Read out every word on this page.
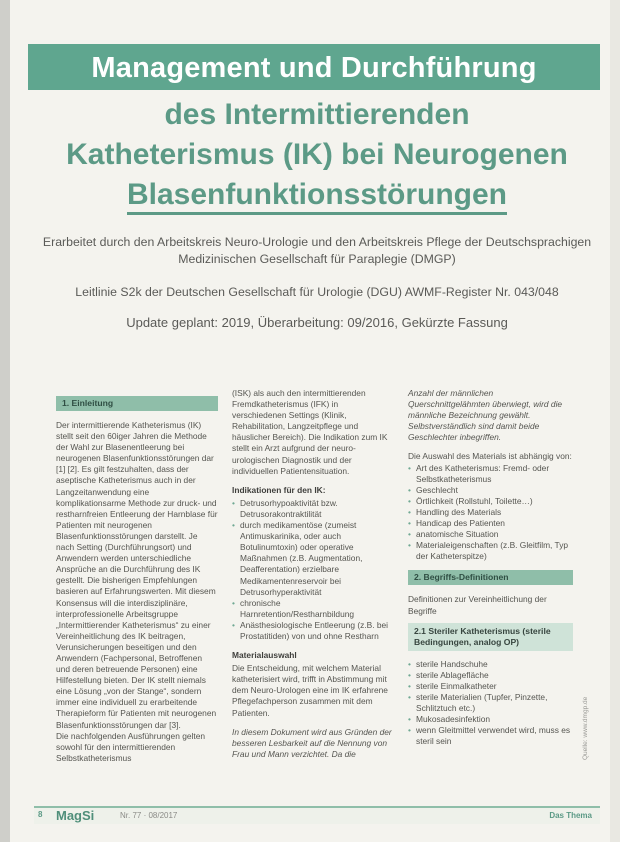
Management und Durchführung
des Intermittierenden
Katheterismus (IK) bei Neurogenen
Blasenfunktionsstörungen
Erarbeitet durch den Arbeitskreis Neuro-Urologie und den Arbeitskreis Pflege der Deutschsprachigen Medizinischen Gesellschaft für Paraplegie (DMGP)
Leitlinie S2k der Deutschen Gesellschaft für Urologie (DGU) AWMF-Register Nr. 043/048
Update geplant: 2019, Überarbeitung: 09/2016, Gekürzte Fassung
1. Einleitung

Der intermittierende Katheterismus (IK) stellt seit den 60iger Jahren die Methode der Wahl zur Blasenentleerung bei neurogenen Blasenfunktionsstörungen dar [1] [2]. Es gilt festzuhalten, dass der aseptische Katheterismus auch in der Langzeitanwendung eine komplikationsarme Methode zur druck- und restharnfreien Entleerung der Harnblase für Patienten mit neurogenen Blasenfunktionsstörungen darstellt. Je nach Setting (Durchführungsort) und Anwendern werden unterschiedliche Ansprüche an die Durchführung des IK gestellt. Die bisherigen Empfehlungen basieren auf Erfahrungswerten. Mit diesem Konsensus will die interdisziplinäre, interprofessionelle Arbeitsgruppe „Intermittierender Katheterismus“ zu einer Vereinheitlichung des IK beitragen, Verunsicherungen beseitigen und den Anwendern (Fachpersonal, Betroffenen und deren betreuende Personen) eine Hilfestellung bieten. Der IK stellt niemals eine Lösung „von der Stange“, sondern immer eine individuell zu erarbeitende Therapieform für Patienten mit neurogenen Blasenfunktionsstörungen dar [3].

Die nachfolgenden Ausführungen gelten sowohl für den intermittierenden Selbstkatheterismus

(ISK) als auch den intermittierenden Fremdkatheterismus (IFK) in verschiedenen Settings (Klinik, Rehabilitation, Langzeitpflege und häuslicher Bereich). Die Indikation zum IK stellt ein Arzt aufgrund der neuro-urologischen Diagnostik und der individuellen Patientensituation.

Indikationen für den IK:
• Detrusorhypoaktivität bzw. Detrusorakontraktilität
• durch medikamentöse (zumeist Antimuskarinika, oder auch Botulinumtoxin) oder operative Maßnahmen (z.B. Augmentation, Deafferentation) erzielbare Medikamentenreservoir bei Detrusorhyperaktivität
• chronische Harnretention/Restharnbildung
• Anästhesiologische Entleerung (z.B. bei Prostatitiden) von und ohne Restharn
Materialauswahl

Die Entscheidung, mit welchem Material katheterisiert wird, trifft in Abstimmung mit dem Neuro-Urologen eine im IK erfahrene Pflegefachperson zusammen mit dem Patienten.

In diesem Dokument wird aus Gründen der besseren Lesbarkeit auf die Nennung von Frau und Mann verzichtet. Da die

Anzahl der männlichen Querschnittgelähmten überwiegt, wird die männliche Bezeichnung gewählt. Selbstverständlich sind damit beide Geschlechter inbegriffen.

Die Auswahl des Materials ist abhängig von:

• Art des Katheterismus: Fremd- oder Selbstkatheterismus
• Geschlecht
• Örtlichkeit (Rollstuhl, Toilette…)
• Handling des Materials
• Handicap des Patienten
• anatomische Situation
• Materialeigenschaften (z.B. Gleitfilm, Typ der Katheterspitze)
2. Begriffs-Definitionen

Definitionen zur Vereinheitlichung der Begriffe

2.1 Steriler Katheterismus (sterile Bedingungen, analog OP)
• sterile Handschuhe
• sterile Ablagefläche
• sterile Einmalkatheter
• sterile Materialien (Tupfer, Pinzette, Schlitztuch etc.)
• Mukosadesinfektion
• wenn Gleitmittel verwendet wird, muss es steril sein	Quelle: www.dmgp.de
8 MagSi	Nr. 77 · 08/2017	Das Thema
